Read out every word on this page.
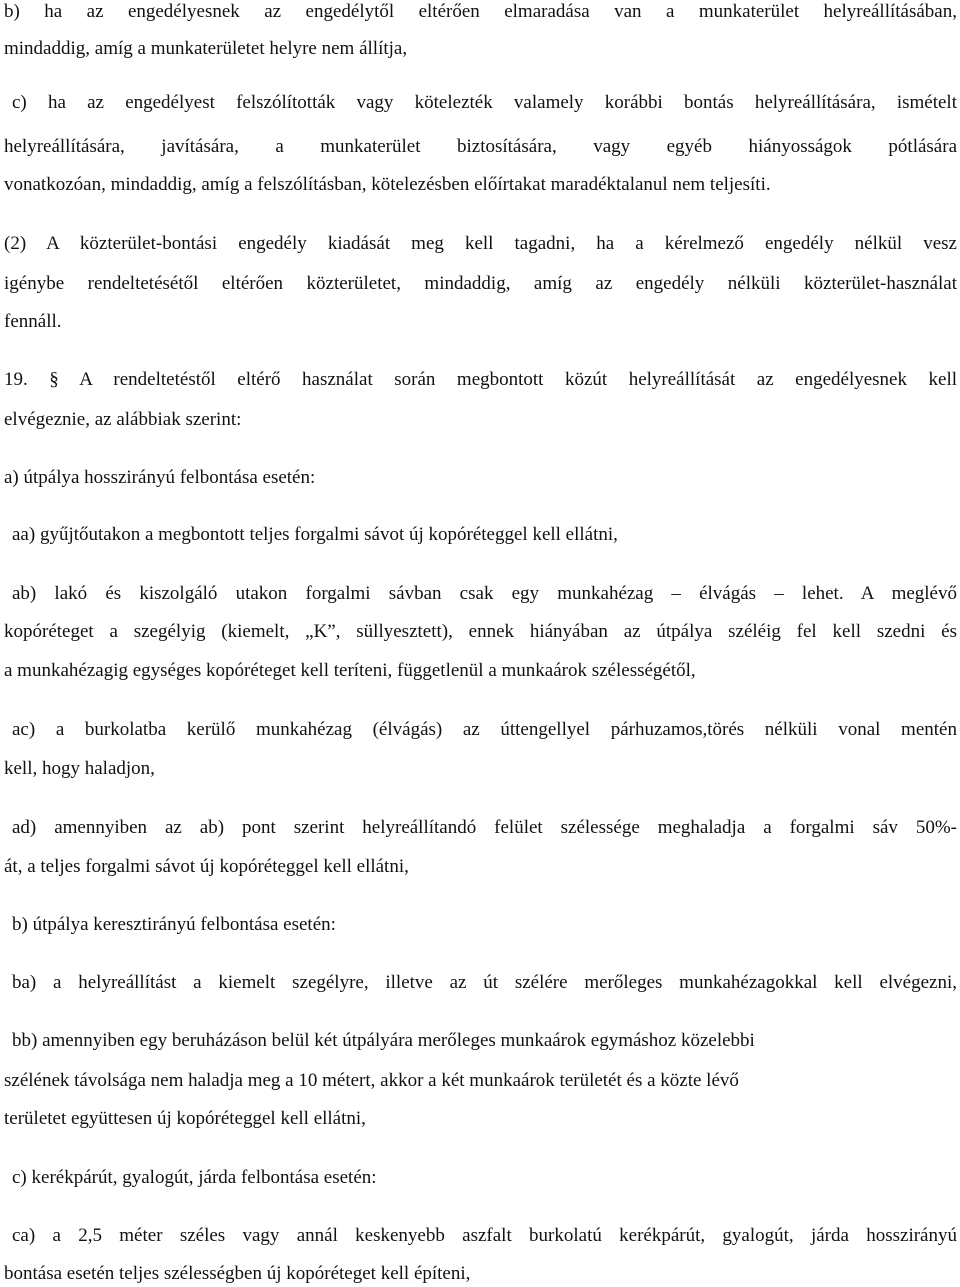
b) ha az engedélyesnek az engedélytől eltérően elmaradása van a munkaterület helyreállításában,
mindaddig, amíg a munkaterületet helyre nem állítja,
c) ha az engedélyest felszólították vagy kötelezték valamely korábbi bontás helyreállítására, ismételt
helyreállítására, javítására, a munkaterület biztosítására, vagy egyéb hiányosságok pótlására
vonatkozóan, mindaddig, amíg a felszólításban, kötelezésben előírtakat maradéktalanul nem teljesíti.
(2) A közterület-bontási engedély kiadását meg kell tagadni, ha a kérelmező engedély nélkül vesz
igénybe rendeltetésétől eltérően közterületet, mindaddig, amíg az engedély nélküli közterület-használat
fennáll.
19. § A rendeltetéstől eltérő használat során megbontott közút helyreállítását az engedélyesnek kell
elvégeznie, az alábbiak szerint:
a) útpálya hosszirányú felbontása esetén:
aa) gyűjtőutakon a megbontott teljes forgalmi sávot új kopóréteggel kell ellátni,
ab) lakó és kiszolgáló utakon forgalmi sávban csak egy munkahézag – élvágás – lehet. A meglévő
kopóréteget a szegélyig (kiemelt, „K”, süllyesztett), ennek hiányában az útpálya széléig fel kell szedni és
a munkahézagig egységes kopóréteget kell teríteni, függetlenül a munkaárok szélességétől,
ac) a burkolatba kerülő munkahézag (élvágás) az úttengellyel párhuzamos,törés nélküli vonal mentén
kell, hogy haladjon,
ad) amennyiben az ab) pont szerint helyreállítandó felület szélessége meghaladja a forgalmi sáv 50%-
át, a teljes forgalmi sávot új kopóréteggel kell ellátni,
b) útpálya keresztirányú felbontása esetén:
ba) a helyreállítást a kiemelt szegélyre, illetve az út szélére merőleges munkahézagokkal kell elvégezni,
bb) amennyiben egy beruházáson belül két útpályára merőleges munkaárok egymáshoz közelebbi
szélének távolsága nem haladja meg a 10 métert, akkor a két munkaárok területét és a közte lévő
területet együttesen új kopóréteggel kell ellátni,
c) kerékpárút, gyalogút, járda felbontása esetén:
ca) a 2,5 méter széles vagy annál keskenyebb aszfalt burkolatú kerékpárút, gyalogút, járda hosszirányú
bontása esetén teljes szélességben új kopóréteget kell építeni,
